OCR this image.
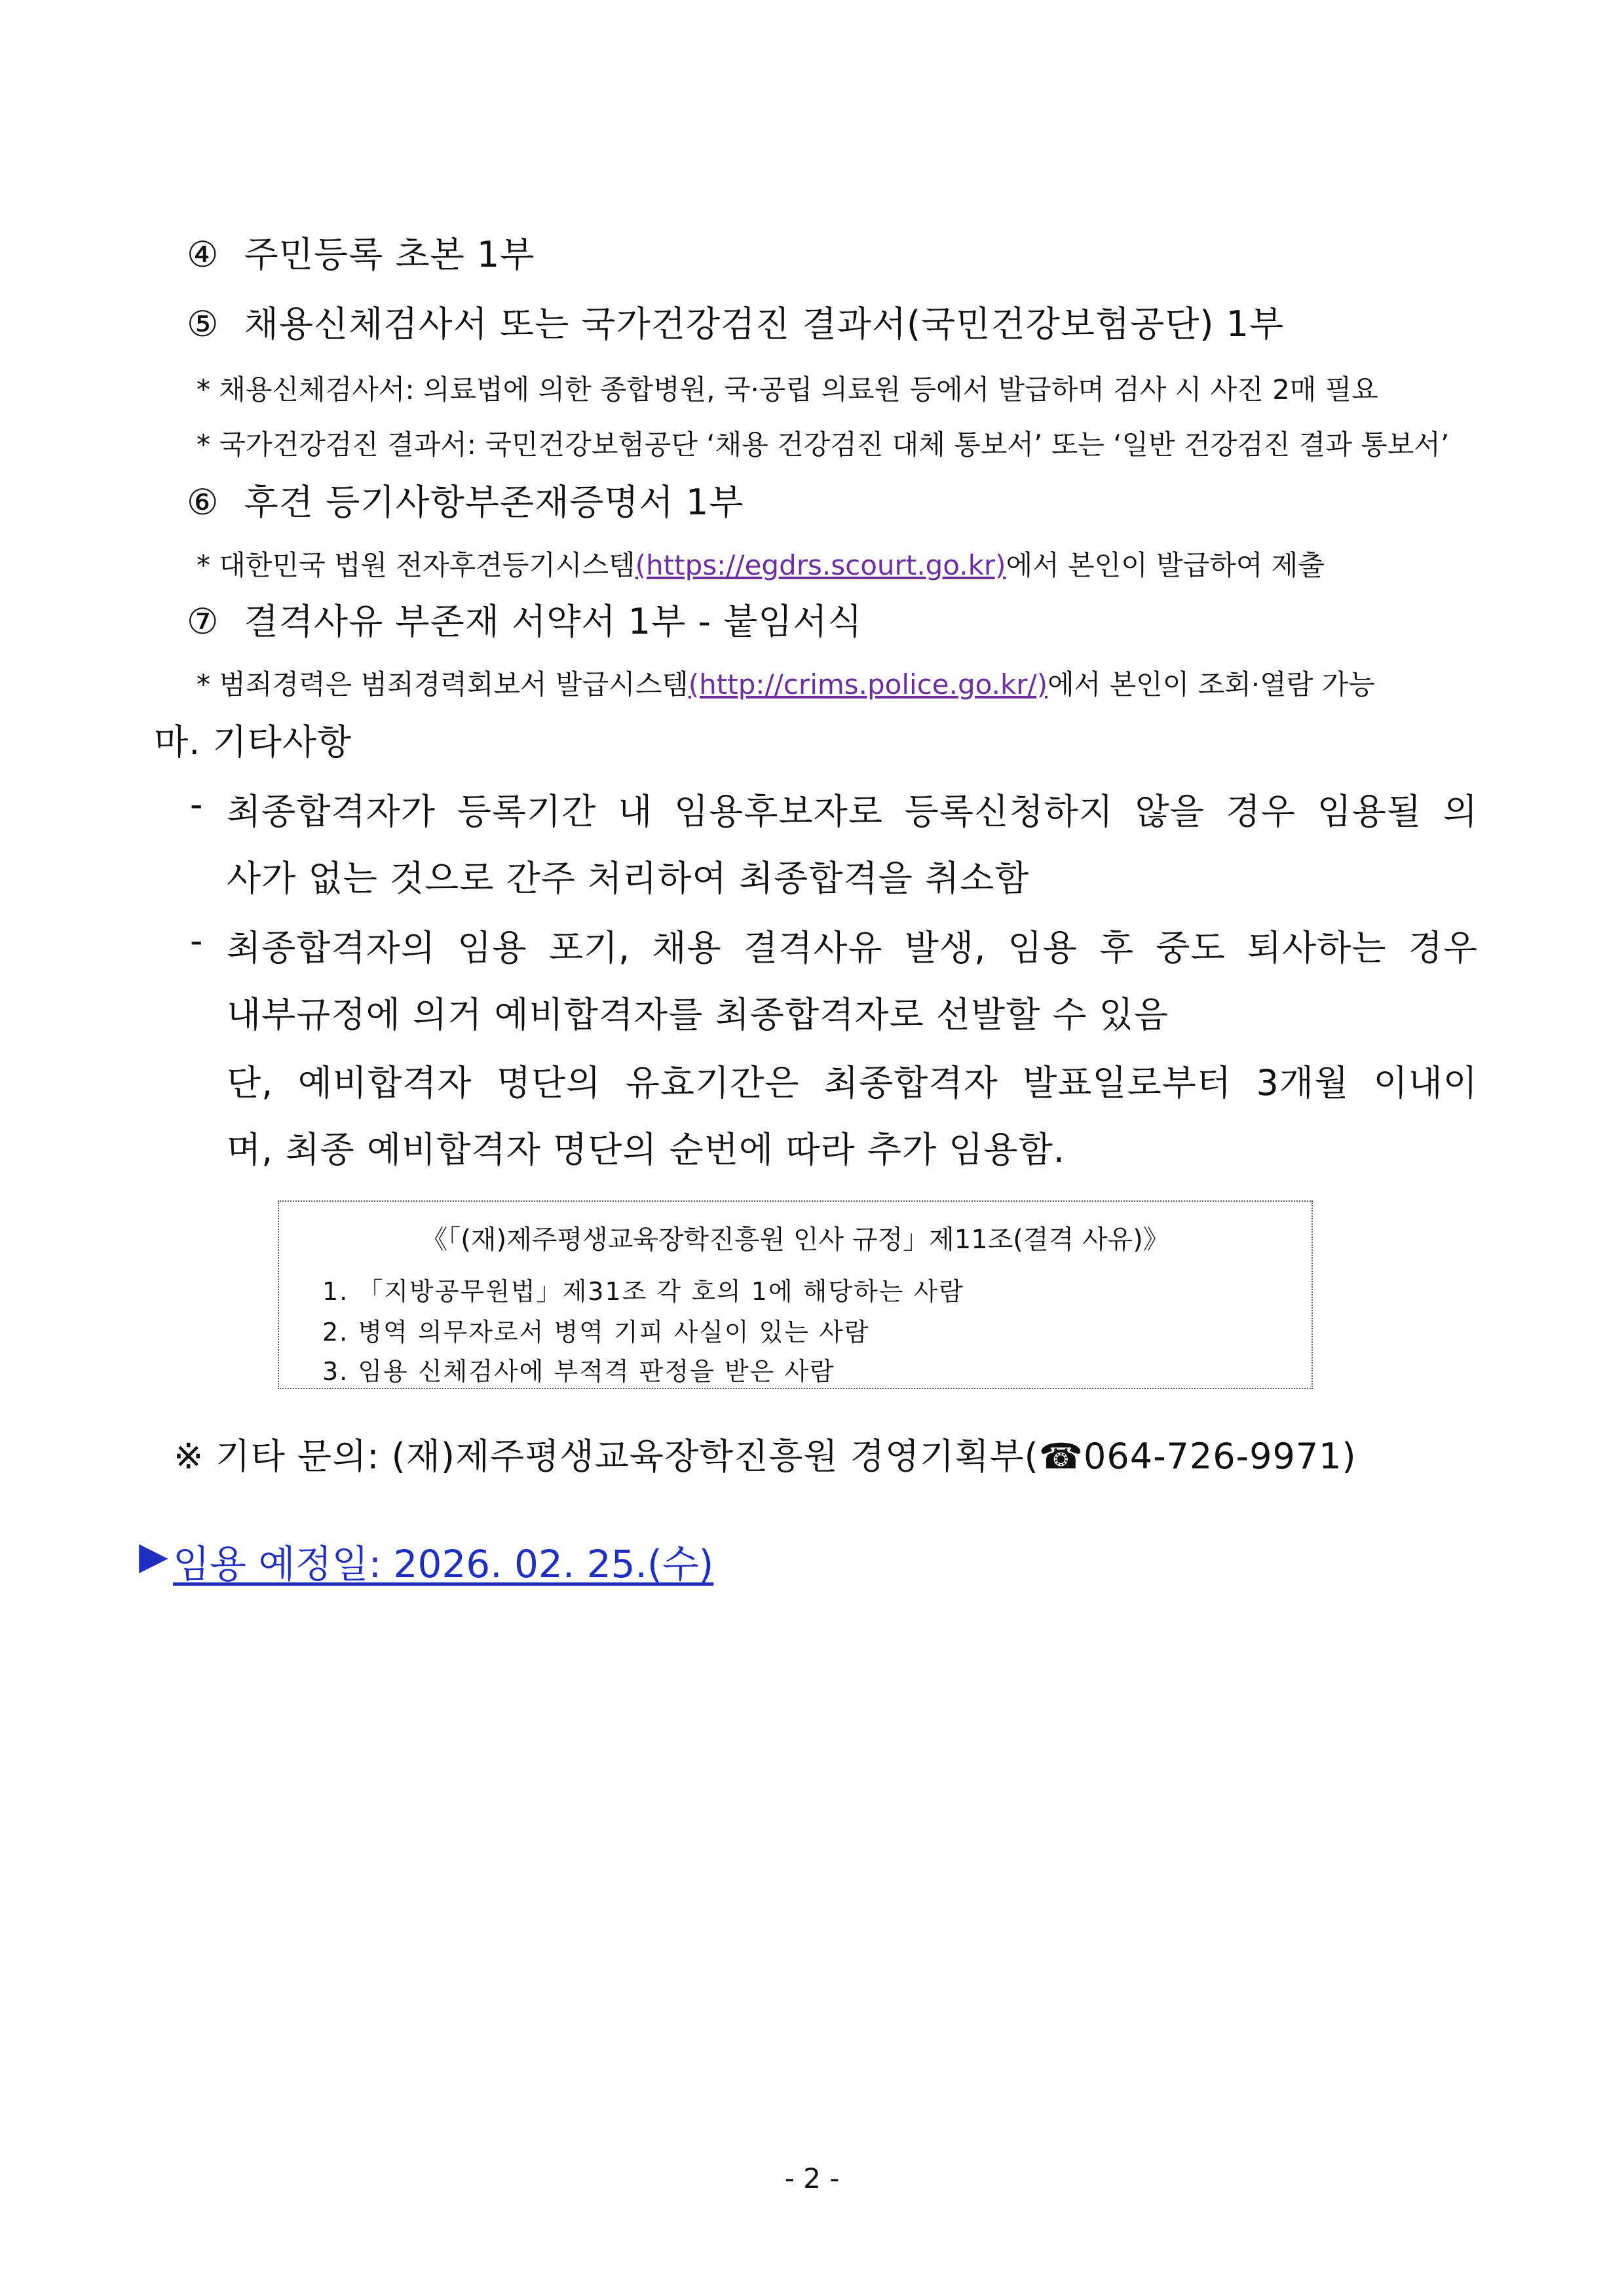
④ 주민등록 초본 1부
⑤ 채용신체검사서 또는 국가건강검진 결과서(국민건강보험공단) 1부
* 채용신체검사서: 의료법에 의한 종합병원, 국·공립 의료원 등에서 발급하며 검사 시 사진 2매 필요
* 국가건강검진 결과서: 국민건강보험공단 ‘채용 건강검진 대체 통보서’ 또는 ‘일반 건강검진 결과 통보서’
⑥ 후견 등기사항부존재증명서 1부
* 대한민국 법원 전자후견등기시스템(https://egdrs.scourt.go.kr)에서 본인이 발급하여 제출
⑦ 결격사유 부존재 서약서 1부 - 붙임서식
* 범죄경력은 범죄경력회보서 발급시스템(http://crims.police.go.kr/)에서 본인이 조회·열람 가능
마. 기타사항
- 최종합격자가 등록기간 내 임용후보자로 등록신청하지 않을 경우 임용될 의
사가 없는 것으로 간주 처리하여 최종합격을 취소함
- 최종합격자의 임용 포기, 채용 결격사유 발생, 임용 후 중도 퇴사하는 경우
내부규정에 의거 예비합격자를 최종합격자로 선발할 수 있음
단, 예비합격자 명단의 유효기간은 최종합격자 발표일로부터 3개월 이내이
며, 최종 예비합격자 명단의 순번에 따라 추가 임용함.
《「(재)제주평생교육장학진흥원 인사 규정」제11조(결격 사유)》
1. 「지방공무원법」제31조 각 호의 1에 해당하는 사람
2. 병역 의무자로서 병역 기피 사실이 있는 사람
3. 임용 신체검사에 부적격 판정을 받은 사람
※ 기타 문의: (재)제주평생교육장학진흥원 경영기획부(☎064-726-9971)
▶ 임용 예정일: 2026. 02. 25.(수)
- 2 -
